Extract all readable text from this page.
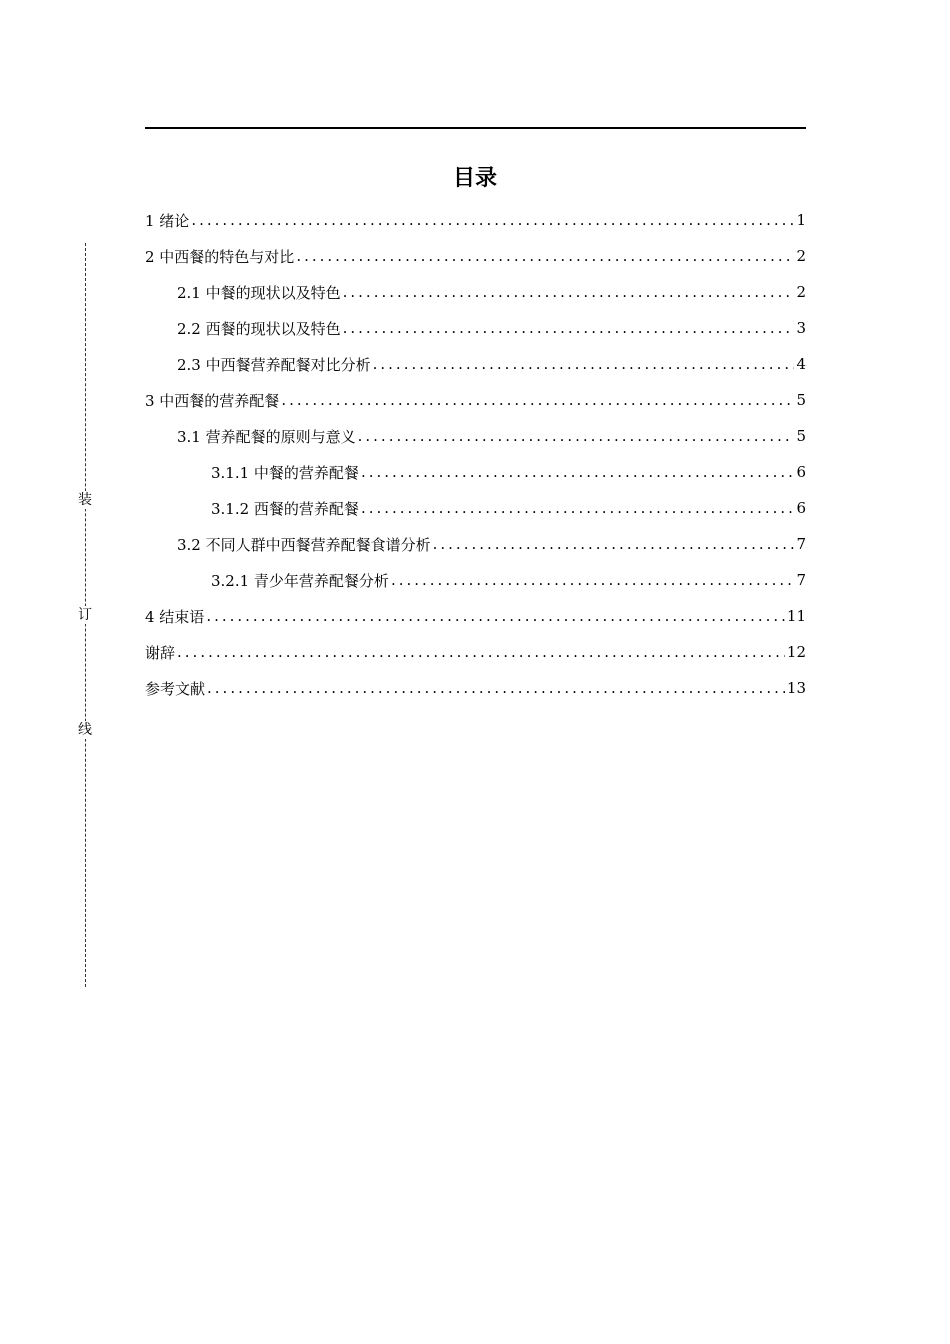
装
订
线
目录
1 绪论 .....	1
2 中西餐的特色与对比 .....	2
2.1 中餐的现状以及特色 .....	2
2.2 西餐的现状以及特色 .....	3
2.3 中西餐营养配餐对比分析 .....	4
3 中西餐的营养配餐 .....	5
3.1 营养配餐的原则与意义 .....	5
3.1.1 中餐的营养配餐 .....	6
3.1.2 西餐的营养配餐 .....	6
3.2 不同人群中西餐营养配餐食谱分析 .....	7
3.2.1 青少年营养配餐分析 .....	7
4 结束语 .....	11
谢辞 .....	12
参考文献 .....	13
